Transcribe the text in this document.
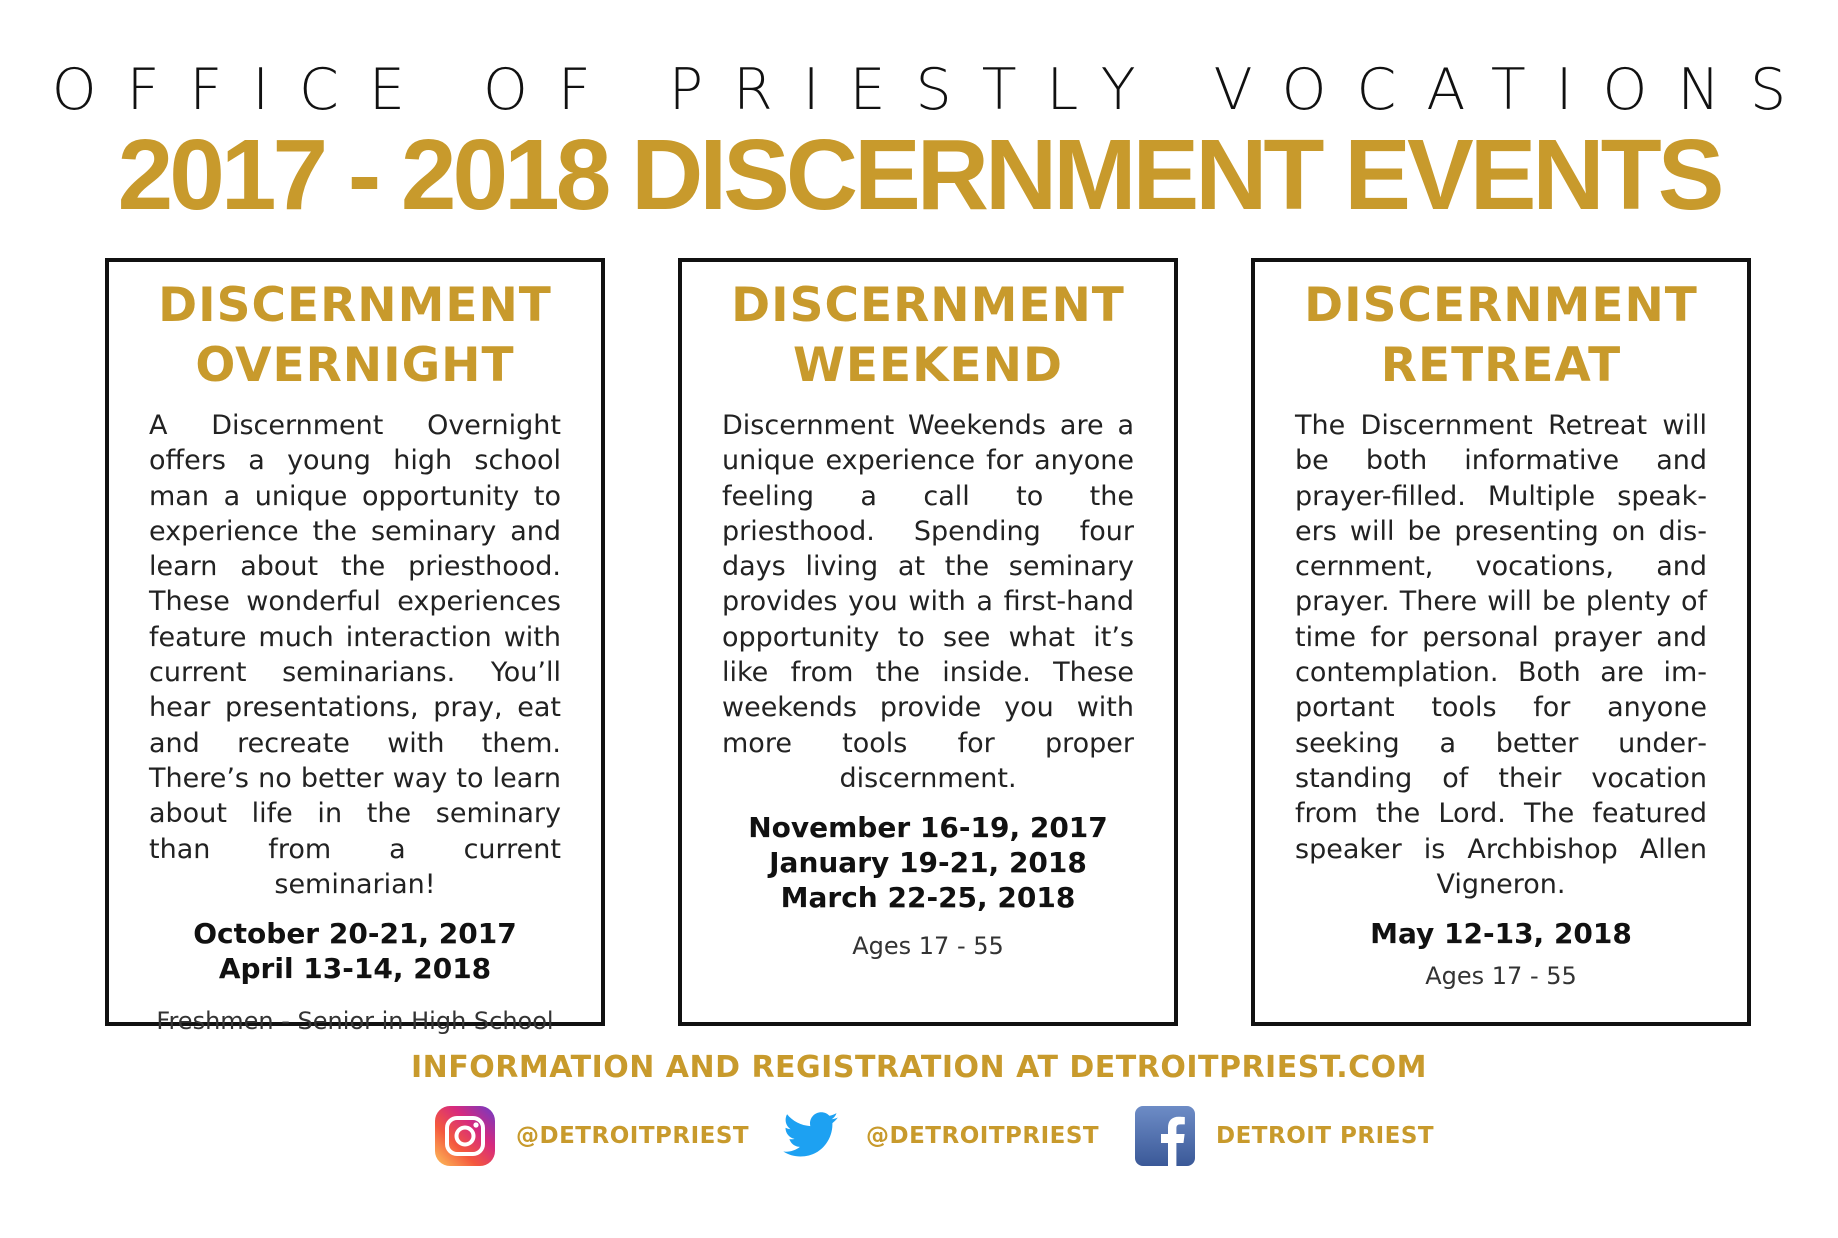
OFFICE OF PRIESTLY VOCATIONS
2017 - 2018 DISCERNMENT EVENTS
DISCERNMENT
OVERNIGHT
A Discernment Overnight offers a young high school man a unique opportunity to experience the seminary and learn about the priesthood. These wonderful experiences feature much interaction with current seminarians. You’ll hear presentations, pray, eat and recreate with them. There’s no better way to learn about life in the seminary than from a current seminarian!
October 20-21, 2017
April 13-14, 2018
Freshmen - Senior in High School
DISCERNMENT
WEEKEND
Discernment Weekends are a unique experience for anyone feeling a call to the priesthood. Spending four days living at the seminary provides you with a first-hand opportunity to see what it’s like from the inside. These weekends provide you with more tools for proper discernment.
November 16-19, 2017
January 19-21, 2018
March 22-25, 2018
Ages 17 - 55
DISCERNMENT
RETREAT
The Discernment Retreat will be both informative and prayer-filled. Multiple speakers will be presenting on discernment, vocations, and prayer. There will be plenty of time for personal prayer and contemplation. Both are important tools for anyone seeking a better understanding of their vocation from the Lord. The featured speaker is Archbishop Allen Vigneron.
May 12-13, 2018
Ages 17 - 55
INFORMATION AND REGISTRATION AT DETROITPRIEST.COM
@DETROITPRIEST	@DETROITPRIEST	DETROIT PRIEST
